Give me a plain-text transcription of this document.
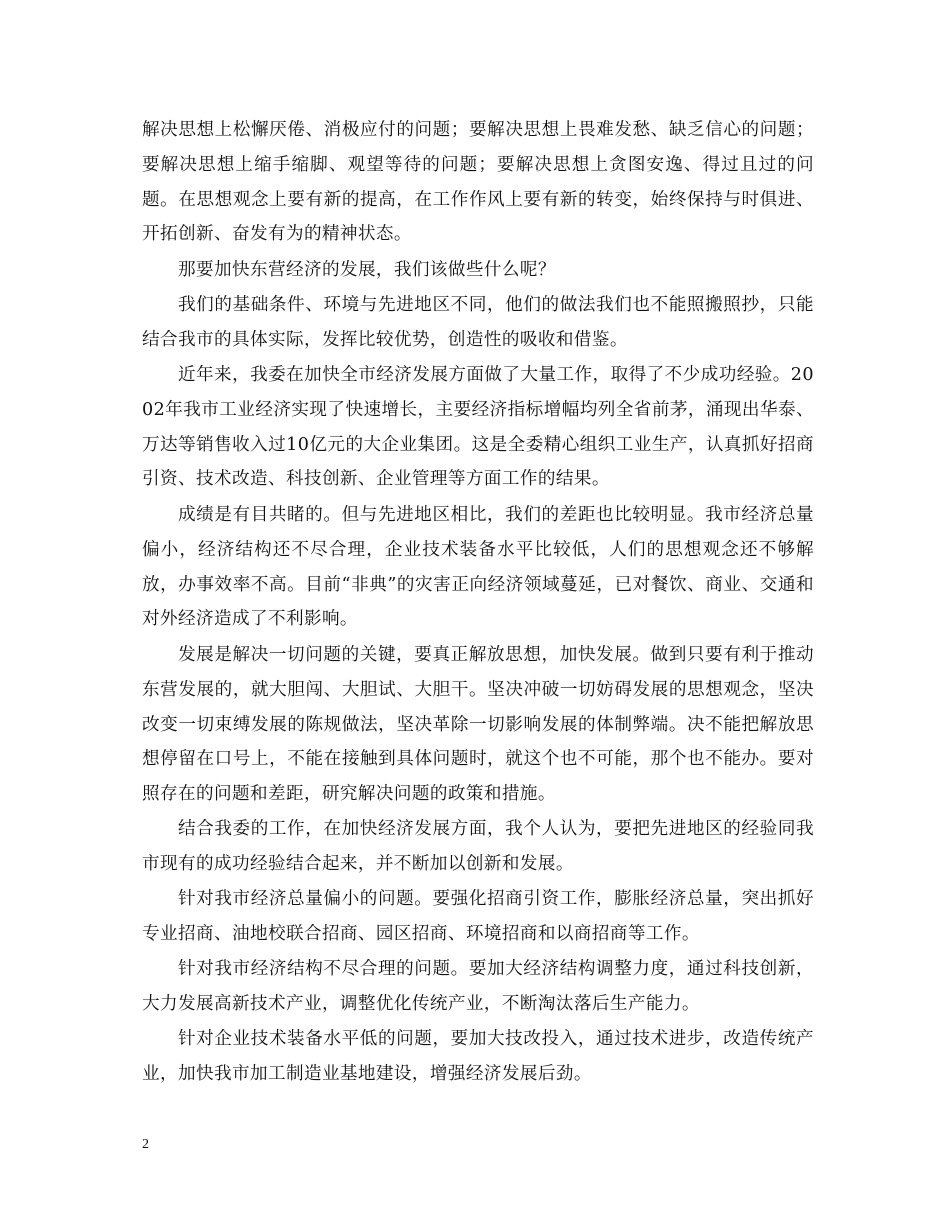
解决思想上松懈厌倦、消极应付的问题；要解决思想上畏难发愁、缺乏信心的问题；要解决思想上缩手缩脚、观望等待的问题；要解决思想上贪图安逸、得过且过的问题。在思想观念上要有新的提高，在工作作风上要有新的转变，始终保持与时俱进、开拓创新、奋发有为的精神状态。
那要加快东营经济的发展，我们该做些什么呢？
我们的基础条件、环境与先进地区不同，他们的做法我们也不能照搬照抄，只能结合我市的具体实际，发挥比较优势，创造性的吸收和借鉴。
近年来，我委在加快全市经济发展方面做了大量工作，取得了不少成功经验。2002年我市工业经济实现了快速增长，主要经济指标增幅均列全省前茅，涌现出华泰、万达等销售收入过10亿元的大企业集团。这是全委精心组织工业生产，认真抓好招商引资、技术改造、科技创新、企业管理等方面工作的结果。
成绩是有目共睹的。但与先进地区相比，我们的差距也比较明显。我市经济总量偏小，经济结构还不尽合理，企业技术装备水平比较低，人们的思想观念还不够解放，办事效率不高。目前“非典”的灾害正向经济领域蔓延，已对餐饮、商业、交通和对外经济造成了不利影响。
发展是解决一切问题的关键，要真正解放思想，加快发展。做到只要有利于推动东营发展的，就大胆闯、大胆试、大胆干。坚决冲破一切妨碍发展的思想观念，坚决改变一切束缚发展的陈规做法，坚决革除一切影响发展的体制弊端。决不能把解放思想停留在口号上，不能在接触到具体问题时，就这个也不可能，那个也不能办。要对照存在的问题和差距，研究解决问题的政策和措施。
结合我委的工作，在加快经济发展方面，我个人认为，要把先进地区的经验同我市现有的成功经验结合起来，并不断加以创新和发展。
针对我市经济总量偏小的问题。要强化招商引资工作，膨胀经济总量，突出抓好专业招商、油地校联合招商、园区招商、环境招商和以商招商等工作。
针对我市经济结构不尽合理的问题。要加大经济结构调整力度，通过科技创新，大力发展高新技术产业，调整优化传统产业，不断淘汰落后生产能力。
针对企业技术装备水平低的问题，要加大技改投入，通过技术进步，改造传统产业，加快我市加工制造业基地建设，增强经济发展后劲。
2
